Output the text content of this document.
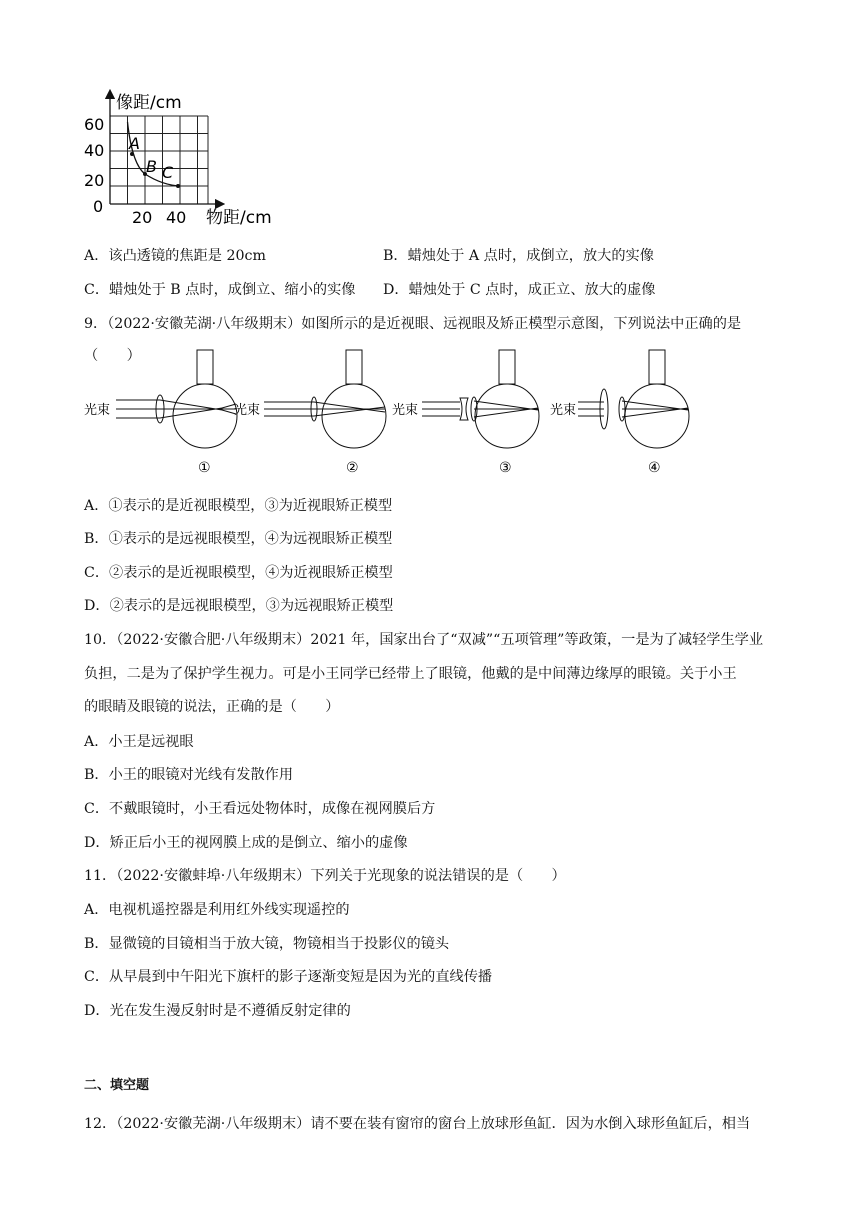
像距/cm
物距/cm
60
40
20
0
20 40
A
B C
A．该凸透镜的焦距是 20cm	B．蜡烛处于 A 点时，成倒立，放大的实像
C．蜡烛处于 B 点时，成倒立、缩小的实像 D．蜡烛处于 C 点时，成正立、放大的虚像
9．（2022·安徽芜湖·八年级期末）如图所示的是近视眼、远视眼及矫正模型示意图，下列说法中正确的是
（　　）
光束
①
光束
②
光束
③
光束
④
A．①表示的是近视眼模型，③为近视眼矫正模型
B．①表示的是远视眼模型，④为远视眼矫正模型
C．②表示的是近视眼模型，④为近视眼矫正模型
D．②表示的是远视眼模型，③为远视眼矫正模型
10．（2022·安徽合肥·八年级期末）2021 年，国家出台了“双减”“五项管理”等政策，一是为了减轻学生学业
负担，二是为了保护学生视力。可是小王同学已经带上了眼镜，他戴的是中间薄边缘厚的眼镜。关于小王
的眼睛及眼镜的说法，正确的是（　　）
A．小王是远视眼
B．小王的眼镜对光线有发散作用
C．不戴眼镜时，小王看远处物体时，成像在视网膜后方
D．矫正后小王的视网膜上成的是倒立、缩小的虚像
11．（2022·安徽蚌埠·八年级期末）下列关于光现象的说法错误的是（　　）
A．电视机遥控器是利用红外线实现遥控的
B．显微镜的目镜相当于放大镜，物镜相当于投影仪的镜头
C．从早晨到中午阳光下旗杆的影子逐渐变短是因为光的直线传播
D．光在发生漫反射时是不遵循反射定律的
二、填空题
12．（2022·安徽芜湖·八年级期末）请不要在装有窗帘的窗台上放球形鱼缸．因为水倒入球形鱼缸后，相当
